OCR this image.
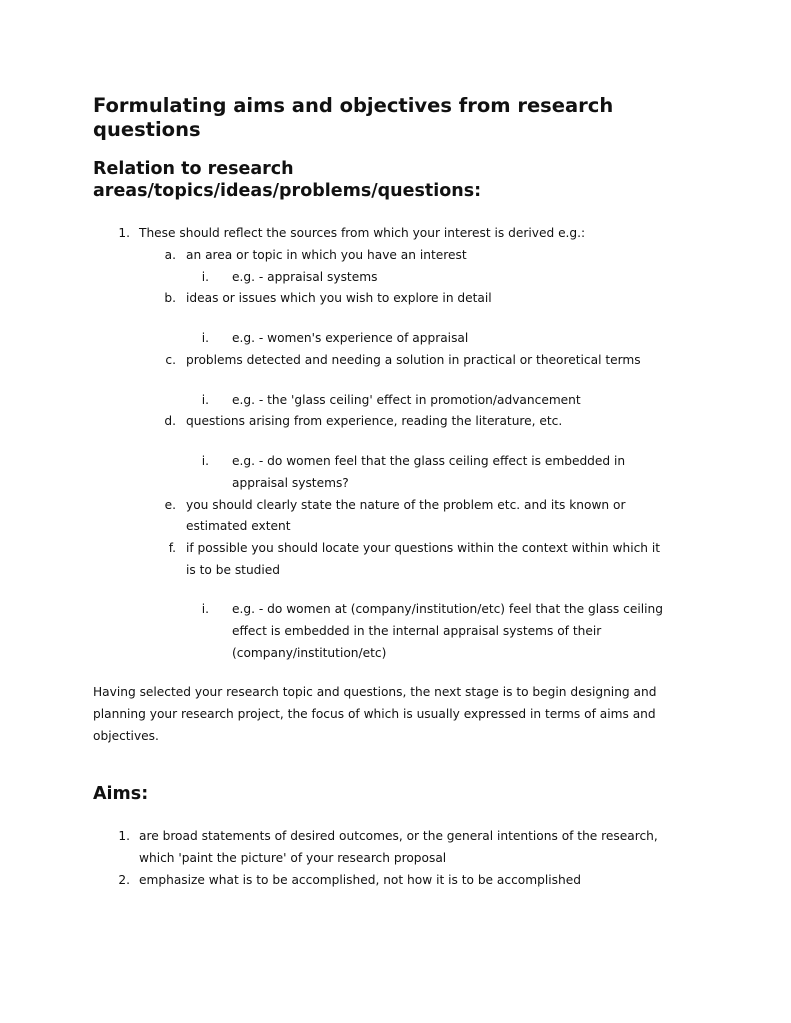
Formulating aims and objectives from research
questions
Relation to research
areas/topics/ideas/problems/questions:
1. These should reflect the sources from which your interest is derived e.g.:
a. an area or topic in which you have an interest
i. e.g. - appraisal systems
b. ideas or issues which you wish to explore in detail
i. e.g. - women's experience of appraisal
c. problems detected and needing a solution in practical or theoretical terms
i. e.g. - the 'glass ceiling' effect in promotion/advancement
d. questions arising from experience, reading the literature, etc.
i. e.g. - do women feel that the glass ceiling effect is embedded in
appraisal systems?
e. you should clearly state the nature of the problem etc. and its known or
estimated extent
f. if possible you should locate your questions within the context within which it
is to be studied
i. e.g. - do women at (company/institution/etc) feel that the glass ceiling
effect is embedded in the internal appraisal systems of their
(company/institution/etc)
Having selected your research topic and questions, the next stage is to begin designing and
planning your research project, the focus of which is usually expressed in terms of aims and
objectives.
Aims:
1. are broad statements of desired outcomes, or the general intentions of the research,
which 'paint the picture' of your research proposal
2. emphasize what is to be accomplished, not how it is to be accomplished
